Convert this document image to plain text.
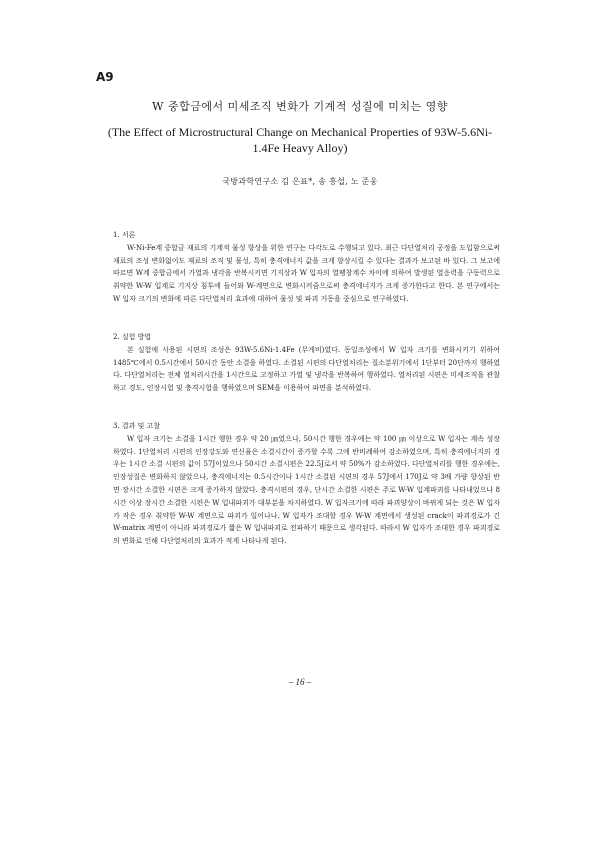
A9
W 중합금에서 미세조직 변화가 기계적 성질에 미치는 영향
(The Effect of Microstructural Change on Mechanical Properties of 93W-5.6Ni-1.4Fe Heavy Alloy)
국방과학연구소 김 은표*, 송 흥섭, 노 준웅
1. 서론

W-Ni-Fe계 중합금 재료의 기계적 물성 향상을 위한 연구는 다각도로 수행되고 있다. 최근 다단열처리 공정을 도입함으로써 재료의 조성 변화없이도 재료의 조직 및 물성, 특히 충격에너지 값을 크게 향상시킬 수 있다는 결과가 보고된 바 있다. 그 보고에 따르면 W계 중합금에서 가열과 냉각을 반복시키면 기지상과 W 입자의 열팽창계수 차이에 의하여 발생된 열응력을 구동력으로 취약한 W-W 입계로 기지상 침투에 들어와 W-계면으로 변화시켜줌으로써 충격에너지가 크게 증가한다고 한다. 본 연구에서는 W 입자 크기의 변화에 따른 다단열처리 효과에 대하여 물성 및 파괴 거동을 중심으로 연구하였다.

2. 실험 방법

본 실험에 사용된 시편의 조성은 93W-5.6Ni-1.4Fe (무게비)였다. 동일조성에서 W 입자 크기를 변화시키기 위하여 1485℃에서 0.5시간에서 50시간 동안 소결을 하였다. 소결된 시편의 다단열처리는 질소분위기에서 1단부터 20단까지 행하였다. 다단열처리는 전체 열처리시간을 1시간으로 고정하고 가열 및 냉각을 반복하여 행하였다. 열처리된 시편은 미세조직을 관찰하고 경도, 인장시험 및 충격시험을 행하였으며 SEM을 이용하여 파면을 분석하였다.

3. 결과 및 고찰

W 입자 크기는 소결을 1시간 행한 경우 약 20 ㎛였으나, 50시간 행한 경우에는 약 100 ㎛ 이상으로 W 입자는 계속 성장하였다. 1단열처리 시편의 인장강도와 연신율은 소결시간이 증가할 수록 그에 반비례하여 감소하였으며, 특히 충격에너지의 경우는 1시간 소결 시편의 값이 57J이었으나 50시간 소결시편은 22.5J로서 약 50%가 감소하였다. 다단열처리를 행한 경우에는, 인장성질은 변화하지 않았으나, 충격에너지는 0.5시간이나 1시간 소결된 시편의 경우 57J에서 170J로 약 3배 가량 향상된 반면 장시간 소결한 시편은 크게 증가하지 않았다. 충격시편의 경우, 단시간 소결한 시편은 주로 W-W 입계파괴를 나타내었으나 8시간 이상 장시간 소결한 시편은 W 입내파괴가 대부분을 차지하였다. W 입자크기에 따라 파괴양상이 바뀌게 되는 것은 W 입자가 작은 경우 취약한 W-W 계면으로 파괴가 일어나나, W 입자가 조대할 경우 W-W 계면에서 생성된 crack이 파괴경로가 긴 W-matrix 계면이 아니라 파괴경로가 짧은 W 입내파괴로 전파하기 때문으로 생각된다. 따라서 W 입자가 조대한 경우 파괴경로의 변화로 인해 다단열처리의 효과가 적게 나타나게 된다.

– 16 –
